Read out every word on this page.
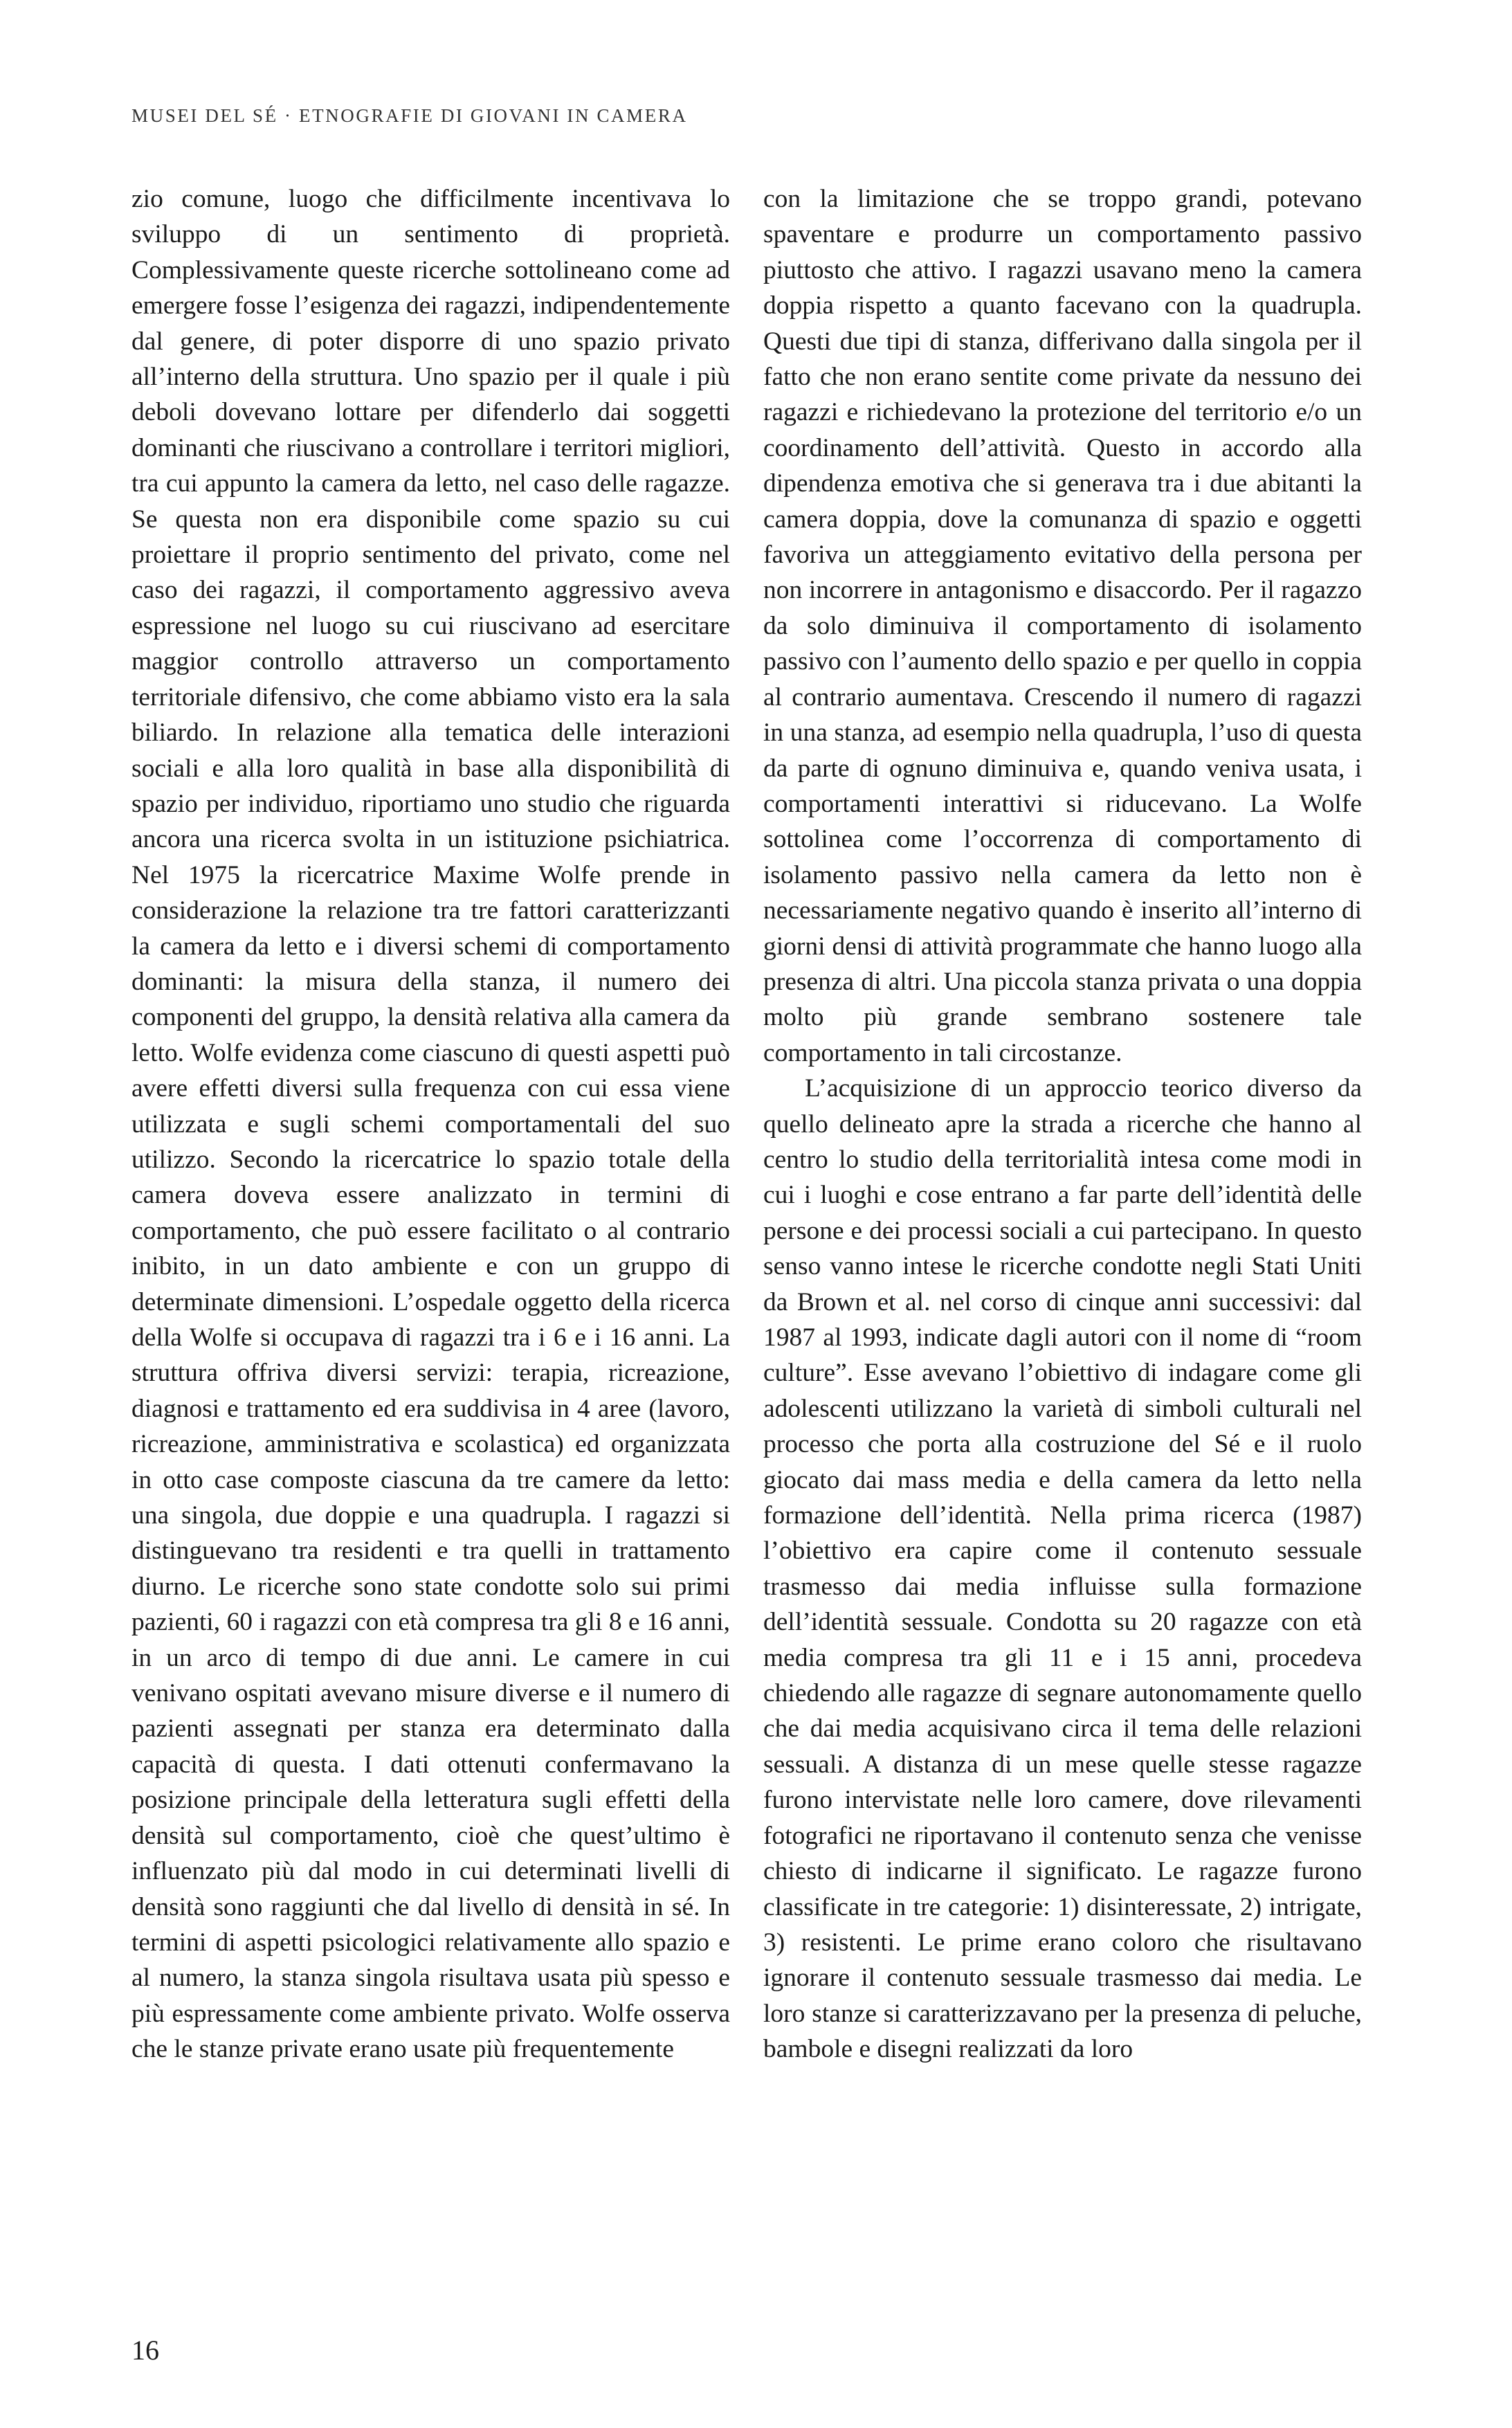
MUSEI DEL SÉ · ETNOGRAFIE DI GIOVANI IN CAMERA

zio comune, luogo che difficilmente incentivava lo sviluppo di un sentimento di proprietà. Complessivamente queste ricerche sottolineano come ad emergere fosse l’esigenza dei ragazzi, indipendentemente dal genere, di poter disporre di uno spazio privato all’interno della struttura. Uno spazio per il quale i più deboli dovevano lottare per difenderlo dai soggetti dominanti che riuscivano a controllare i territori migliori, tra cui appunto la camera da letto, nel caso delle ragazze. Se questa non era disponibile come spazio su cui proiettare il proprio sentimento del privato, come nel caso dei ragazzi, il comportamento aggressivo aveva espressione nel luogo su cui riuscivano ad esercitare maggior controllo attraverso un comportamento territoriale difensivo, che come abbiamo visto era la sala biliardo. In relazione alla tematica delle interazioni sociali e alla loro qualità in base alla disponibilità di spazio per individuo, riportiamo uno studio che riguarda ancora una ricerca svolta in un istituzione psichiatrica. Nel 1975 la ricercatrice Maxime Wolfe prende in considerazione la relazione tra tre fattori caratterizzanti la camera da letto e i diversi schemi di comportamento dominanti: la misura della stanza, il numero dei componenti del gruppo, la densità relativa alla camera da letto. Wolfe evidenza come ciascuno di questi aspetti può avere effetti diversi sulla frequenza con cui essa viene utilizzata e sugli schemi comportamentali del suo utilizzo. Secondo la ricercatrice lo spazio totale della camera doveva essere analizzato in termini di comportamento, che può essere facilitato o al contrario inibito, in un dato ambiente e con un gruppo di determinate dimensioni. L’ospedale oggetto della ricerca della Wolfe si occupava di ragazzi tra i 6 e i 16 anni. La struttura offriva diversi servizi: terapia, ricreazione, diagnosi e trattamento ed era suddivisa in 4 aree (lavoro, ricreazione, amministrativa e scolastica) ed organizzata in otto case composte ciascuna da tre camere da letto: una singola, due doppie e una quadrupla. I ragazzi si distinguevano tra residenti e tra quelli in trattamento diurno. Le ricerche sono state condotte solo sui primi pazienti, 60 i ragazzi con età compresa tra gli 8 e 16 anni, in un arco di tempo di due anni. Le camere in cui venivano ospitati avevano misure diverse e il numero di pazienti assegnati per stanza era determinato dalla capacità di questa. I dati ottenuti confermavano la posizione principale della letteratura sugli effetti della densità sul comportamento, cioè che quest’ultimo è influenzato più dal modo in cui determinati livelli di densità sono raggiunti che dal livello di densità in sé. In termini di aspetti psicologici relativamente allo spazio e al numero, la stanza singola risultava usata più spesso e più espressamente come ambiente privato. Wolfe osserva che le stanze private erano usate più frequentemente

con la limitazione che se troppo grandi, potevano spaventare e produrre un comportamento passivo piuttosto che attivo. I ragazzi usavano meno la camera doppia rispetto a quanto facevano con la quadrupla. Questi due tipi di stanza, differivano dalla singola per il fatto che non erano sentite come private da nessuno dei ragazzi e richiedevano la protezione del territorio e/o un coordinamento dell’attività. Questo in accordo alla dipendenza emotiva che si generava tra i due abitanti la camera doppia, dove la comunanza di spazio e oggetti favoriva un atteggiamento evitativo della persona per non incorrere in antagonismo e disaccordo. Per il ragazzo da solo diminuiva il comportamento di isolamento passivo con l’aumento dello spazio e per quello in coppia al contrario aumentava. Crescendo il numero di ragazzi in una stanza, ad esempio nella quadrupla, l’uso di questa da parte di ognuno diminuiva e, quando veniva usata, i comportamenti interattivi si riducevano. La Wolfe sottolinea come l’occorrenza di comportamento di isolamento passivo nella camera da letto non è necessariamente negativo quando è inserito all’interno di giorni densi di attività programmate che hanno luogo alla presenza di altri. Una piccola stanza privata o una doppia molto più grande sembrano sostenere tale comportamento in tali circostanze.

L’acquisizione di un approccio teorico diverso da quello delineato apre la strada a ricerche che hanno al centro lo studio della territorialità intesa come modi in cui i luoghi e cose entrano a far parte dell’identità delle persone e dei processi sociali a cui partecipano. In questo senso vanno intese le ricerche condotte negli Stati Uniti da Brown et al. nel corso di cinque anni successivi: dal 1987 al 1993, indicate dagli autori con il nome di “room culture”. Esse avevano l’obiettivo di indagare come gli adolescenti utilizzano la varietà di simboli culturali nel processo che porta alla costruzione del Sé e il ruolo giocato dai mass media e della camera da letto nella formazione dell’identità. Nella prima ricerca (1987) l’obiettivo era capire come il contenuto sessuale trasmesso dai media influisse sulla formazione dell’identità sessuale. Condotta su 20 ragazze con età media compresa tra gli 11 e i 15 anni, procedeva chiedendo alle ragazze di segnare autonomamente quello che dai media acquisivano circa il tema delle relazioni sessuali. A distanza di un mese quelle stesse ragazze furono intervistate nelle loro camere, dove rilevamenti fotografici ne riportavano il contenuto senza che venisse chiesto di indicarne il significato. Le ragazze furono classificate in tre categorie: 1) disinteressate, 2) intrigate, 3) resistenti. Le prime erano coloro che risultavano ignorare il contenuto sessuale trasmesso dai media. Le loro stanze si caratterizzavano per la presenza di peluche, bambole e disegni realizzati da loro

16
